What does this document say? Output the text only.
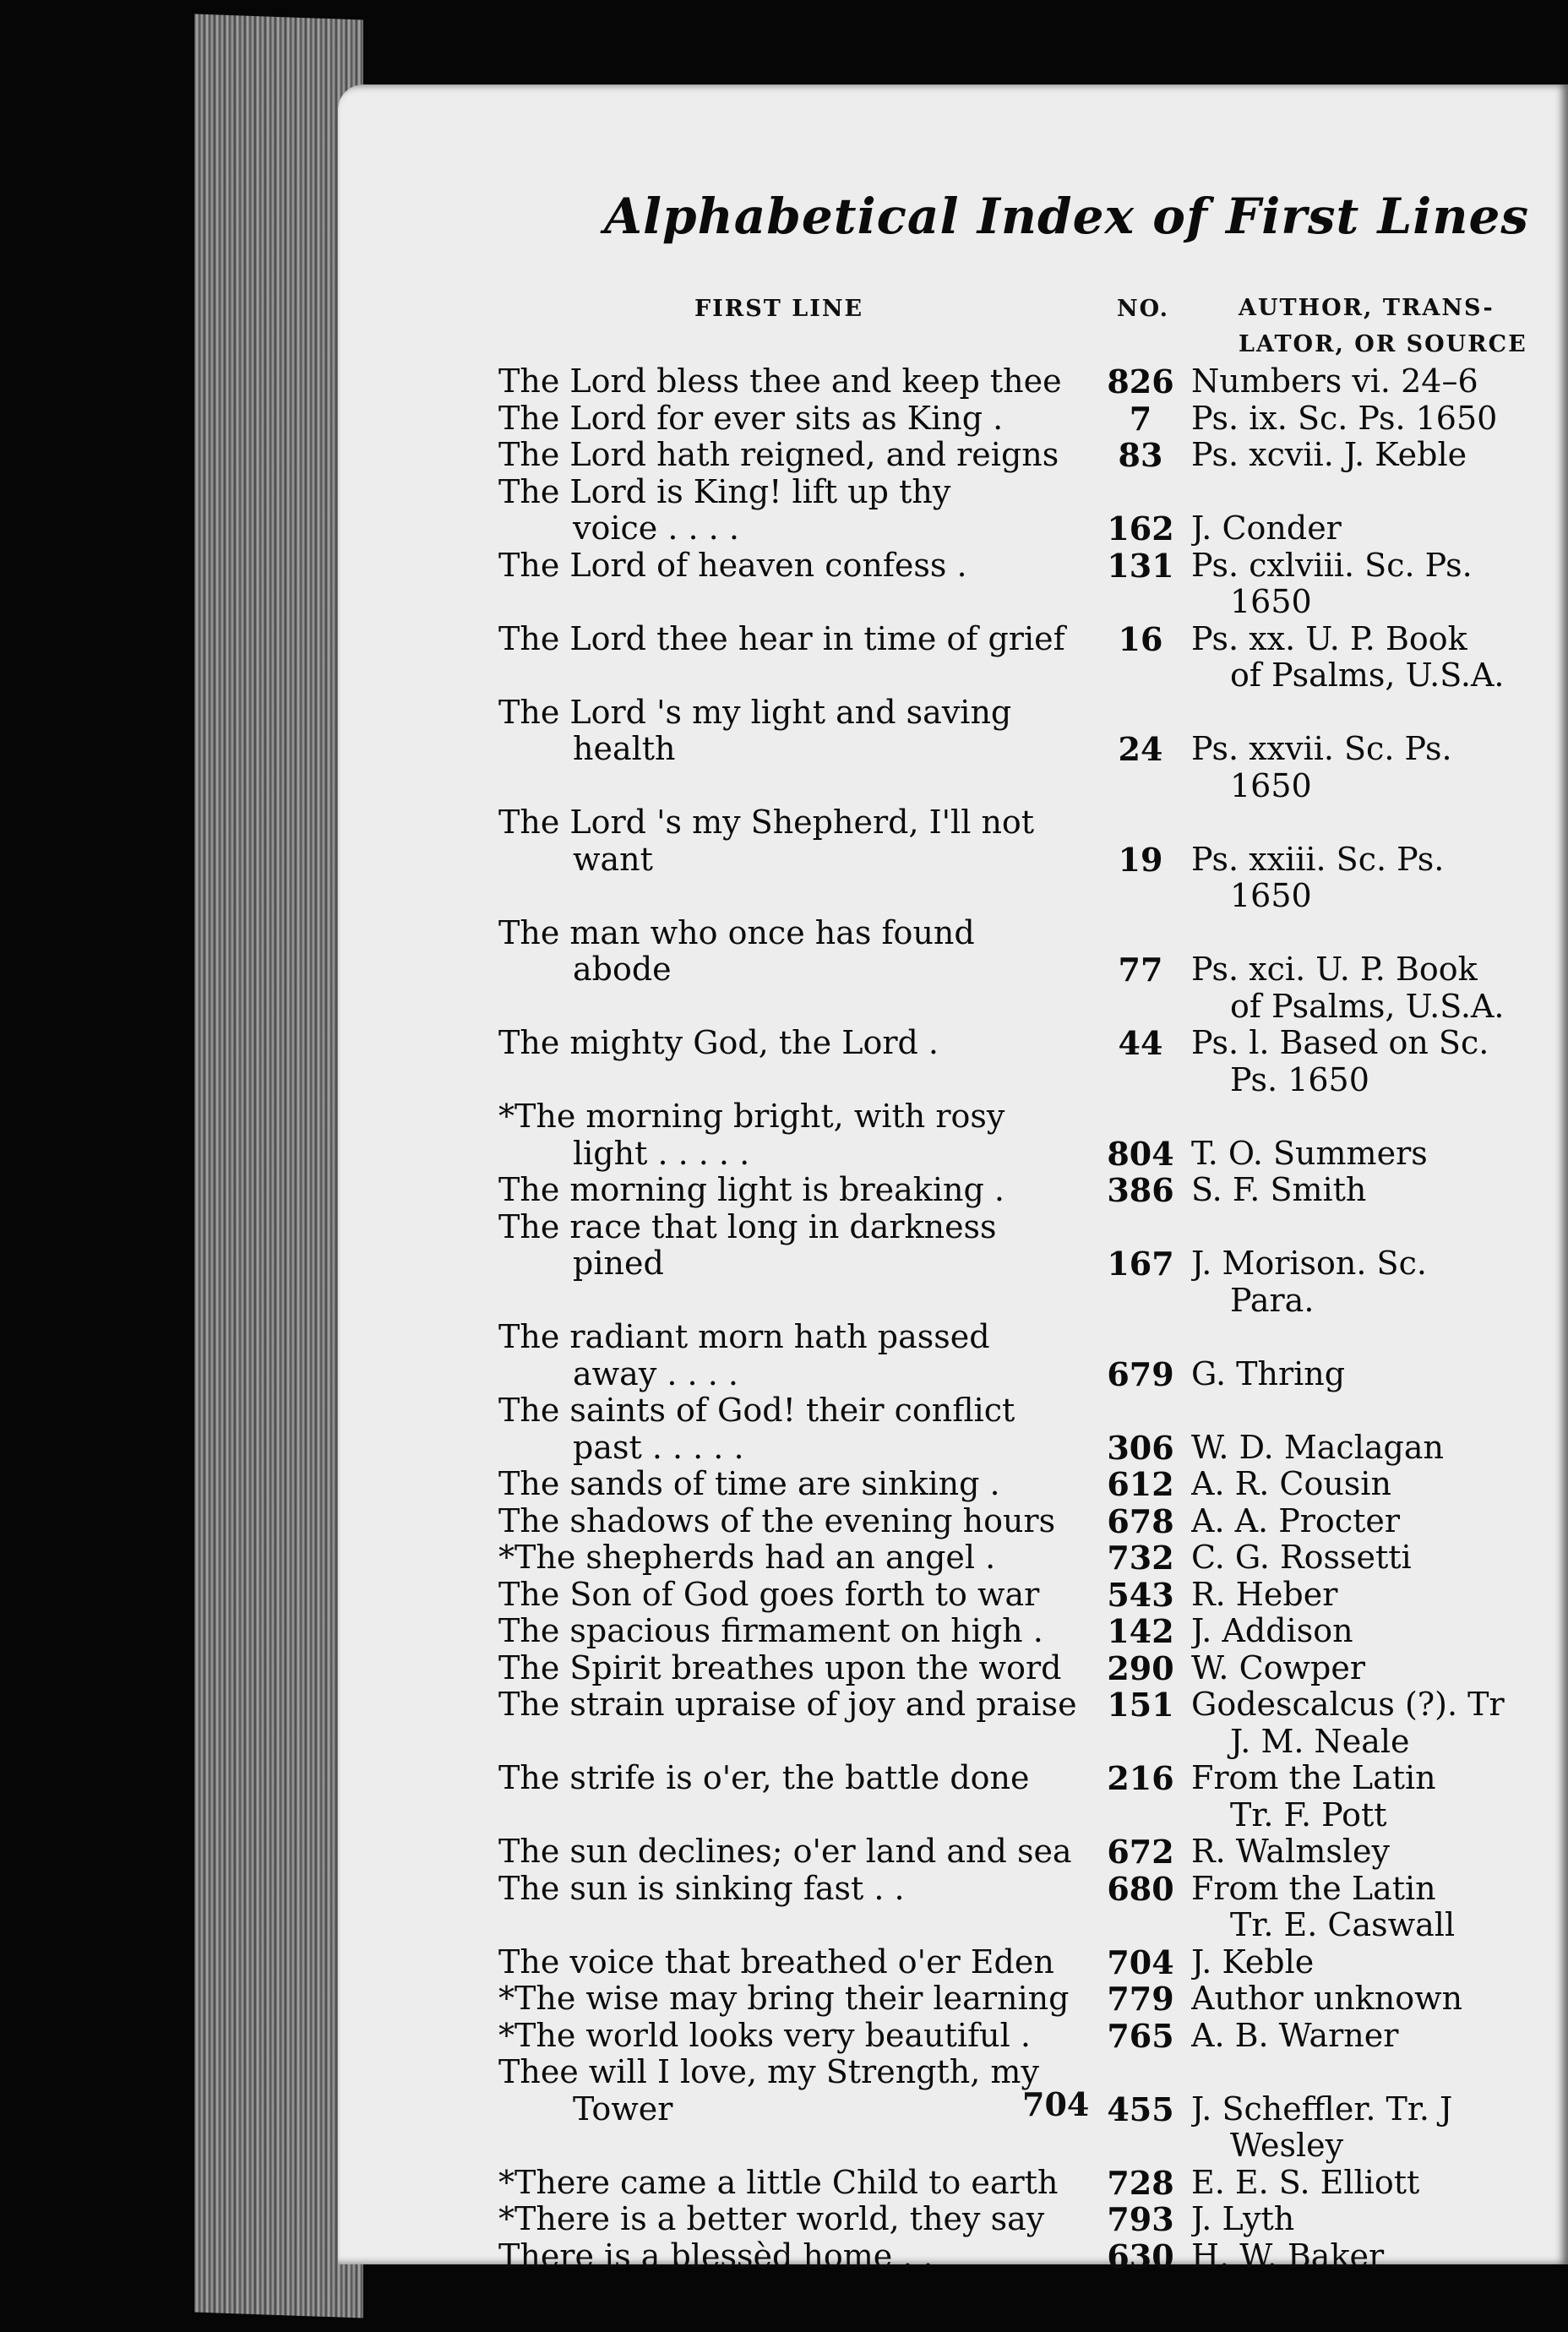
Alphabetical Index of First Lines
FIRST LINE	NO.	AUTHOR, TRANS-
LATOR, OR SOURCE
The Lord bless thee and keep thee	826 Numbers vi. 24–6
The Lord for ever sits as King .	7	Ps. ix. Sc. Ps. 1650
The Lord hath reigned, and reigns	83 Ps. xcvii. J. Keble
The Lord is King! lift up thy
voice . . . .	162 J. Conder
The Lord of heaven confess .	131 Ps. cxlviii. Sc. Ps.
1650
The Lord thee hear in time of grief	16 Ps. xx. U. P. Book
of Psalms, U.S.A.
The Lord 's my light and saving
health	24 Ps. xxvii. Sc. Ps.
1650
The Lord 's my Shepherd, I'll not
want	19 Ps. xxiii. Sc. Ps.
1650
The man who once has found
abode	77 Ps. xci. U. P. Book
of Psalms, U.S.A.
The mighty God, the Lord .	44 Ps. l. Based on Sc.
Ps. 1650
*The morning bright, with rosy
light . . . . .	804 T. O. Summers
The morning light is breaking .	386 S. F. Smith
The race that long in darkness
pined	167 J. Morison. Sc.
Para.
The radiant morn hath passed
away . . . .	679 G. Thring
The saints of God! their conflict
past . . . . .	306 W. D. Maclagan
The sands of time are sinking .	612 A. R. Cousin
The shadows of the evening hours	678 A. A. Procter
*The shepherds had an angel .	732 C. G. Rossetti
The Son of God goes forth to war	543 R. Heber
The spacious firmament on high .	142 J. Addison
The Spirit breathes upon the word	290 W. Cowper
The strain upraise of joy and praise 151 Godescalcus (?). Tr
J. M. Neale
The strife is o'er, the battle done	216 From the Latin
Tr. F. Pott
The sun declines; o'er land and sea	672 R. Walmsley
The sun is sinking fast . .	680 From the Latin
Tr. E. Caswall
The voice that breathed o'er Eden	704 J. Keble
*The wise may bring their learning	779 Author unknown
*The world looks very beautiful .	765 A. B. Warner
Thee will I love, my Strength, my
Tower	455 J. Scheffler. Tr. J
Wesley
*There came a little Child to earth	728 E. E. S. Elliott
*There is a better world, they say	793 J. Lyth
There is a blessèd home . .	630 H. W. Baker
704
